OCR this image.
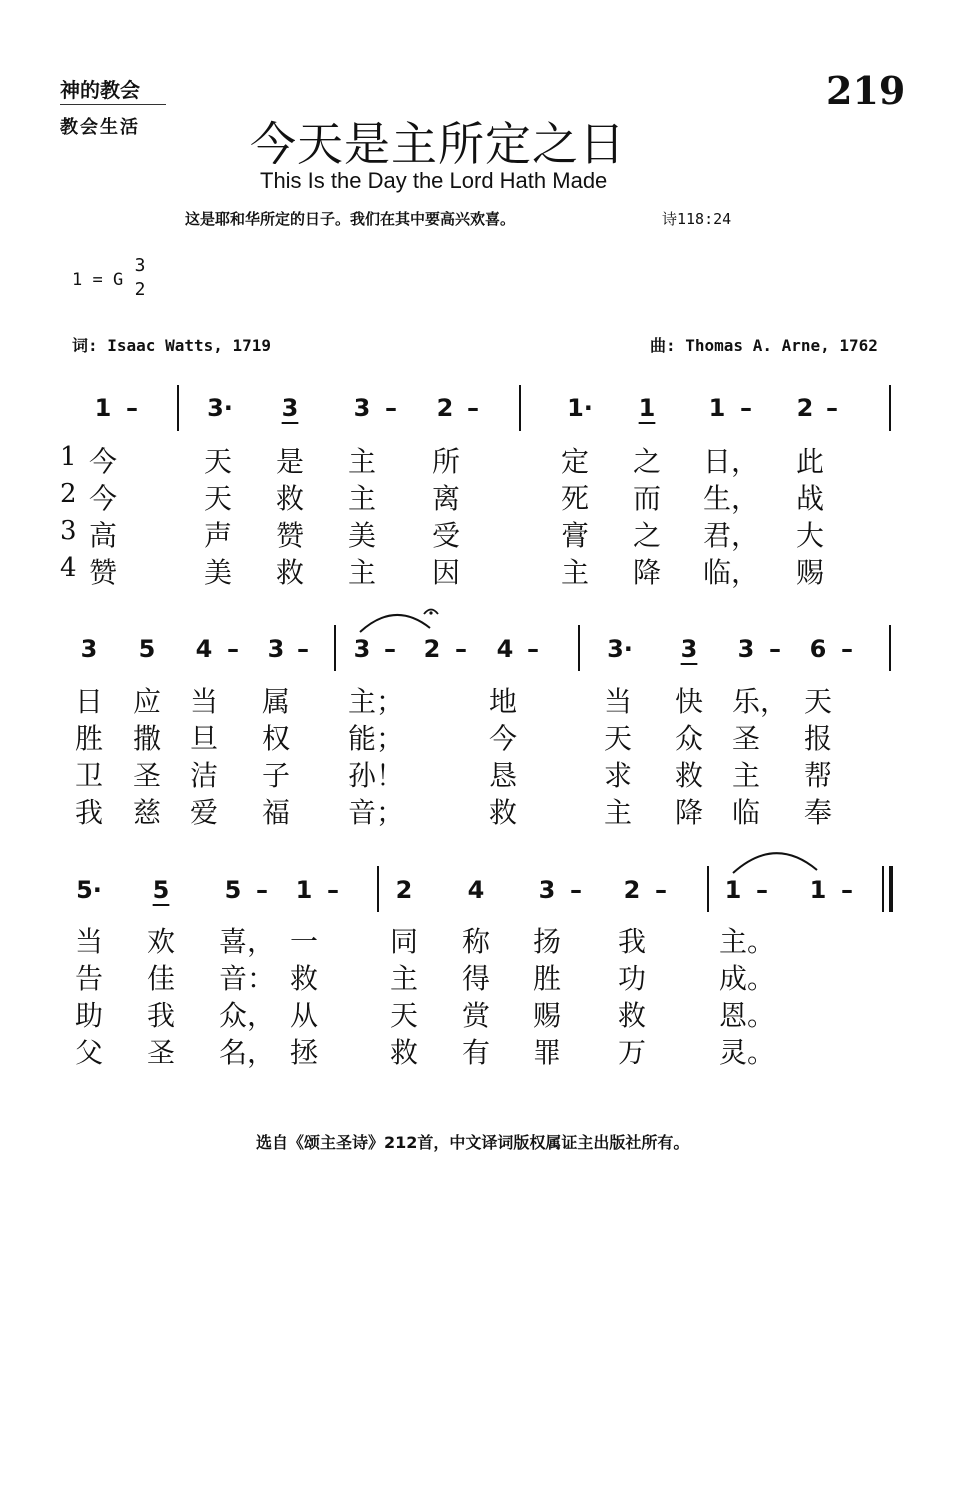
神的教会
教会生活
219
今天是主所定之日
This Is the Day the Lord Hath Made
这是耶和华所定的日子。我们在其中要高兴欢喜。	诗118:24
1 = G
3
2
词: Isaac Watts, 1719	曲: Thomas A. Arne, 1762
1 –	3· 3 3 – 2 –	1· 1 1 – 2 –
1 今	天 是 主 所	定 之 日， 此
2 今	天 救 主 离	死 而 生， 战
3 高	声 赞 美 受	膏 之 君， 大
4 赞	美 救 主 因	主 降 临， 赐
3 5 4 – 3 – 3 – 2 – 4 –	3· 3 3 – 6 –
日 应 当 属 主；	地	当 快 乐， 天
胜 撒 旦 权 能；	今	天 众 圣 报
卫 圣 洁 子 孙！	恳	求 救 主 帮
我 慈 爱 福 音；	救	主 降 临 奉
5· 5 5 – 1 – 2 4 3 – 2 – 1 – 1 –
当 欢 喜， 一	同 称 扬 我	主。
告 佳 音： 救	主 得 胜 功	成。
助 我 众， 从	天 赏 赐 救	恩。
父 圣 名， 拯	救 有 罪 万	灵。
选自《颂主圣诗》212首，中文译词版权属证主出版社所有。
